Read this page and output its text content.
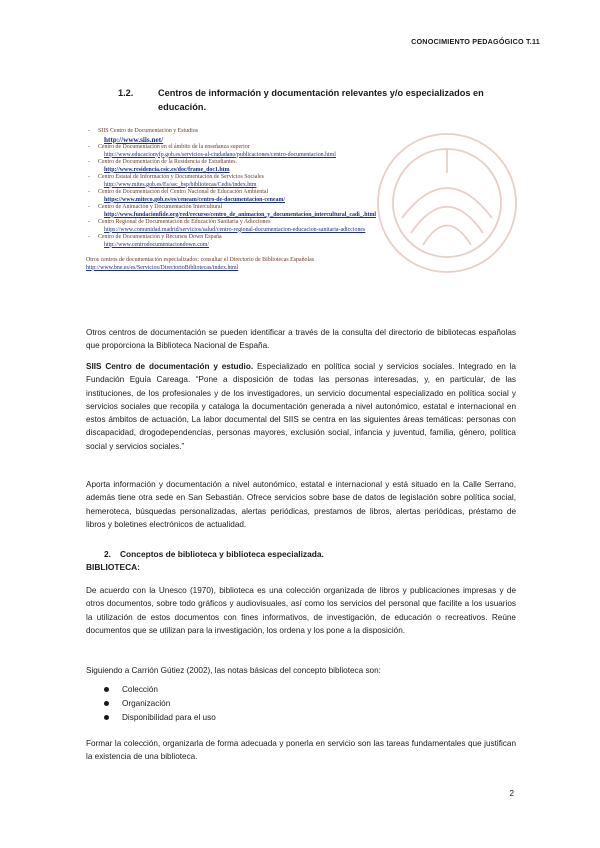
CONOCIMIENTO PEDAGÓGICO T.11
1.2.	Centros de información y documentación relevantes y/o especializados en educación.
- SIIS Centro de Documentación y Estudios
http://www.siis.net/
- Centro de Documentación en el ámbito de la enseñanza superior
http://www.educacionyfp.gob.es/servicios-al-ciudadano/publicaciones/centro-documentacion.html
- Centro de Documentación de la Residencia de Estudiantes.
http://www.residencia.csic.es/doc/frame_doc1.htm
- Centro Estatal de Información y Documentación de Servicios Sociales
http://www.mites.gob.es/Es/ssc_bsp/bibliotecas/Cedis/index.htm
- Centro de Documentación del Centro Nacional de Educación Ambiental
https://www.miteco.gob.es/es/ceneam/centro-de-documentacion-ceneam/
- Centro de Animación y Documentación Intercultural
http://www.fundacionfide.org/red/recurso/centro_de_animacion_y_documentacion_intercultural_cadi_.html
- Centro Regional de Documentación de Educación Sanitaria y Adicciones
https://www.comunidad.madrid/servicios/salud/centro-regional-documentacion-educacion-sanitaria-adicciones
- Centro de Documentación y Recursos Down España
http://www.centrodocumentaciondown.com/
Otros centros de documentación especializados: consultar el Directorio de Bibliotecas Españolas
http://www.bne.es/es/Servicios/DirectorioBibliotecas/index.html
Otros centros de documentación se pueden identificar a través de la consulta del directorio de bibliotecas españolas que proporciona la Biblioteca Nacional de España.
SIIS Centro de documentación y estudio. Especializado en política social y servicios sociales. Integrado en la Fundación Eguía Careaga. “Pone a disposición de todas las personas interesadas, y, en particular, de las instituciones, de los profesionales y de los investigadores, un servicio documental especializado en política social y servicios sociales que recopila y cataloga la documentación generada a nivel autonómico, estatal e internacional en estos ámbitos de actuación, La labor documental del SIIS se centra en las siguientes áreas temáticas: personas con discapacidad, drogodependencias, personas mayores, exclusión social, infancia y juventud, familia, género, política social y servicios sociales.”
Aporta información y documentación a nivel autonómico, estatal e internacional y está situado en la Calle Serrano, además tiene otra sede en San Sebastián. Ofrece servicios sobre base de datos de legislación sobre política social, hemeroteca, búsquedas personalizadas, alertas periódicas, prestamos de libros, alertas periódicas, préstamo de libros y boletines electrónicos de actualidad.
2. Conceptos de biblioteca y biblioteca especializada.
BIBLIOTECA:
De acuerdo con la Unesco (1970), biblioteca es una colección organizada de libros y publicaciones impresas y de otros documentos, sobre todo gráficos y audiovisuales, así como los servicios del personal que facilite a los usuarios la utilización de estos documentos con fines informativos, de investigación, de educación o recreativos. Reúne documentos que se utilizan para la investigación, los ordena y los pone a la disposición.
Siguiendo a Carrión Gútiez (2002), las notas básicas del concepto biblioteca son:
Colección
Organización
Disponibilidad para el uso
Formar la colección, organizarla de forma adecuada y ponerla en servicio son las tareas fundamentales que justifican la existencia de una biblioteca.
2
